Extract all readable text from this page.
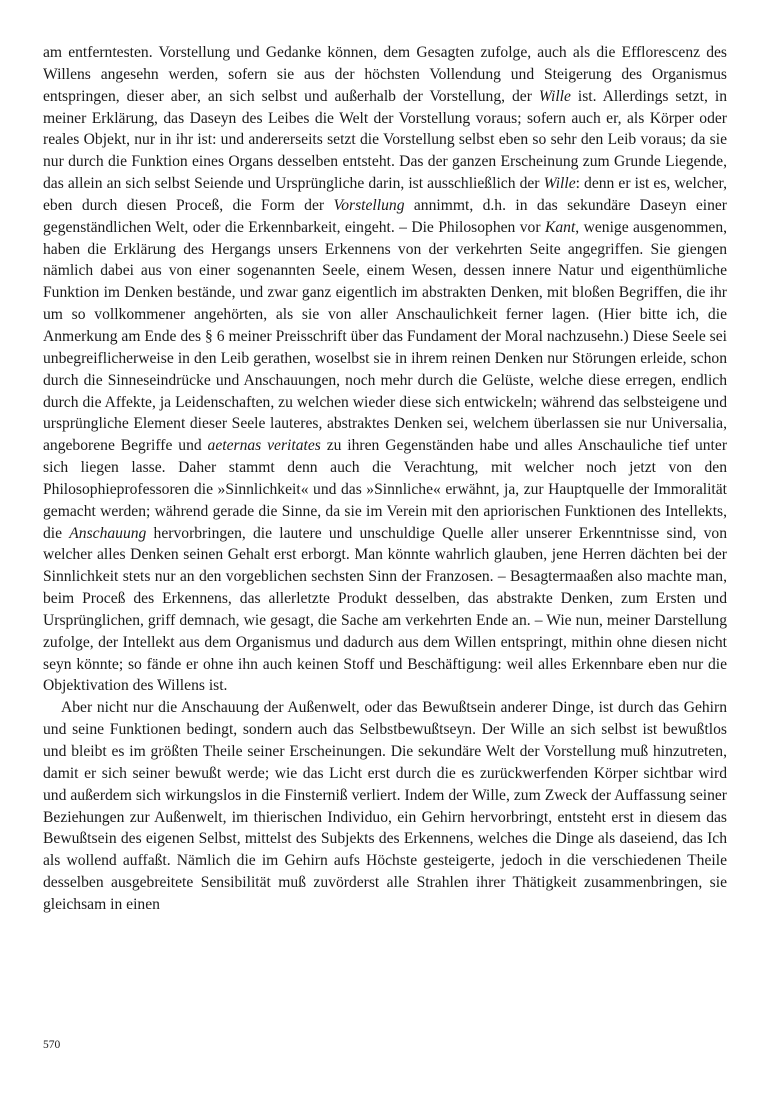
am entferntesten. Vorstellung und Gedanke können, dem Gesagten zufolge, auch als die Efflorescenz des Willens angesehn werden, sofern sie aus der höchsten Vollendung und Steigerung des Organismus entspringen, dieser aber, an sich selbst und außerhalb der Vorstellung, der Wille ist. Allerdings setzt, in meiner Erklärung, das Daseyn des Leibes die Welt der Vorstellung voraus; sofern auch er, als Körper oder reales Objekt, nur in ihr ist: und andererseits setzt die Vorstellung selbst eben so sehr den Leib voraus; da sie nur durch die Funktion eines Organs desselben entsteht. Das der ganzen Erscheinung zum Grunde Liegende, das allein an sich selbst Seiende und Ursprüngliche darin, ist ausschließlich der Wille: denn er ist es, welcher, eben durch diesen Proceß, die Form der Vorstellung annimmt, d.h. in das sekundäre Daseyn einer gegenständlichen Welt, oder die Erkennbarkeit, eingeht. – Die Philosophen vor Kant, wenige ausgenommen, haben die Erklärung des Hergangs unsers Erkennens von der verkehrten Seite angegriffen. Sie giengen nämlich dabei aus von einer sogenannten Seele, einem Wesen, dessen innere Natur und eigenthümliche Funktion im Denken bestände, und zwar ganz eigentlich im abstrakten Denken, mit bloßen Begriffen, die ihr um so vollkommener angehörten, als sie von aller Anschaulichkeit ferner lagen. (Hier bitte ich, die Anmerkung am Ende des § 6 meiner Preisschrift über das Fundament der Moral nachzusehn.) Diese Seele sei unbegreiflicherweise in den Leib gerathen, woselbst sie in ihrem reinen Denken nur Störungen erleide, schon durch die Sinneseindrücke und Anschauungen, noch mehr durch die Gelüste, welche diese erregen, endlich durch die Affekte, ja Leidenschaften, zu welchen wieder diese sich entwickeln; während das selbsteigene und ursprüngliche Element dieser Seele lauteres, abstraktes Denken sei, welchem überlassen sie nur Universalia, angeborene Begriffe und aeternas veritates zu ihren Gegenständen habe und alles Anschauliche tief unter sich liegen lasse. Daher stammt denn auch die Verachtung, mit welcher noch jetzt von den Philosophieprofessoren die »Sinnlichkeit« und das »Sinnliche« erwähnt, ja, zur Hauptquelle der Immoralität gemacht werden; während gerade die Sinne, da sie im Verein mit den apriorischen Funktionen des Intellekts, die Anschauung hervorbringen, die lautere und unschuldige Quelle aller unserer Erkenntnisse sind, von welcher alles Denken seinen Gehalt erst erborgt. Man könnte wahrlich glauben, jene Herren dächten bei der Sinnlichkeit stets nur an den vorgeblichen sechsten Sinn der Franzosen. – Besagtermaaßen also machte man, beim Proceß des Erkennens, das allerletzte Produkt desselben, das abstrakte Denken, zum Ersten und Ursprünglichen, griff demnach, wie gesagt, die Sache am verkehrten Ende an. – Wie nun, meiner Darstellung zufolge, der Intellekt aus dem Organismus und dadurch aus dem Willen entspringt, mithin ohne diesen nicht seyn könnte; so fände er ohne ihn auch keinen Stoff und Beschäftigung: weil alles Erkennbare eben nur die Objektivation des Willens ist.

Aber nicht nur die Anschauung der Außenwelt, oder das Bewußtsein anderer Dinge, ist durch das Gehirn und seine Funktionen bedingt, sondern auch das Selbstbewußtseyn. Der Wille an sich selbst ist bewußtlos und bleibt es im größten Theile seiner Erscheinungen. Die sekundäre Welt der Vorstellung muß hinzutreten, damit er sich seiner bewußt werde; wie das Licht erst durch die es zurückwerfenden Körper sichtbar wird und außerdem sich wirkungslos in die Finsterniß verliert. Indem der Wille, zum Zweck der Auffassung seiner Beziehungen zur Außenwelt, im thierischen Individuo, ein Gehirn hervorbringt, entsteht erst in diesem das Bewußtsein des eigenen Selbst, mittelst des Subjekts des Erkennens, welches die Dinge als daseiend, das Ich als wollend auffaßt. Nämlich die im Gehirn aufs Höchste gesteigerte, jedoch in die verschiedenen Theile desselben ausgebreitete Sensibilität muß zuvörderst alle Strahlen ihrer Thätigkeit zusammenbringen, sie gleichsam in einen

570
